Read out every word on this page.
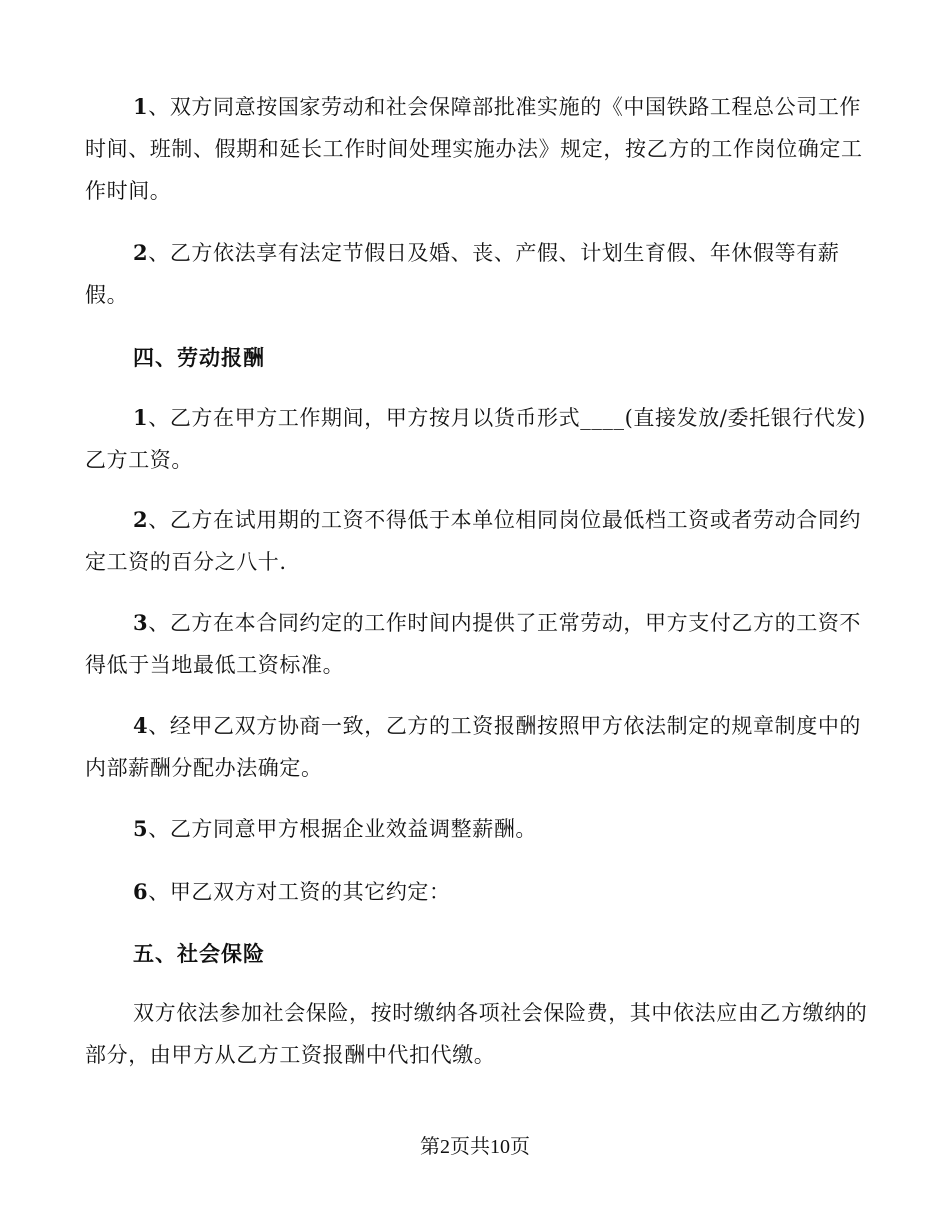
1、双方同意按国家劳动和社会保障部批准实施的《中国铁路工程总公司工作时间、班制、假期和延长工作时间处理实施办法》规定，按乙方的工作岗位确定工作时间。

2、乙方依法享有法定节假日及婚、丧、产假、计划生育假、年休假等有薪假。

四、劳动报酬

1、乙方在甲方工作期间，甲方按月以货币形式____(直接发放/委托银行代发)乙方工资。

2、乙方在试用期的工资不得低于本单位相同岗位最低档工资或者劳动合同约定工资的百分之八十.

3、乙方在本合同约定的工作时间内提供了正常劳动，甲方支付乙方的工资不得低于当地最低工资标准。

4、经甲乙双方协商一致，乙方的工资报酬按照甲方依法制定的规章制度中的内部薪酬分配办法确定。

5、乙方同意甲方根据企业效益调整薪酬。

6、甲乙双方对工资的其它约定：

五、社会保险

双方依法参加社会保险，按时缴纳各项社会保险费，其中依法应由乙方缴纳的部分，由甲方从乙方工资报酬中代扣代缴。

第2页共10页
